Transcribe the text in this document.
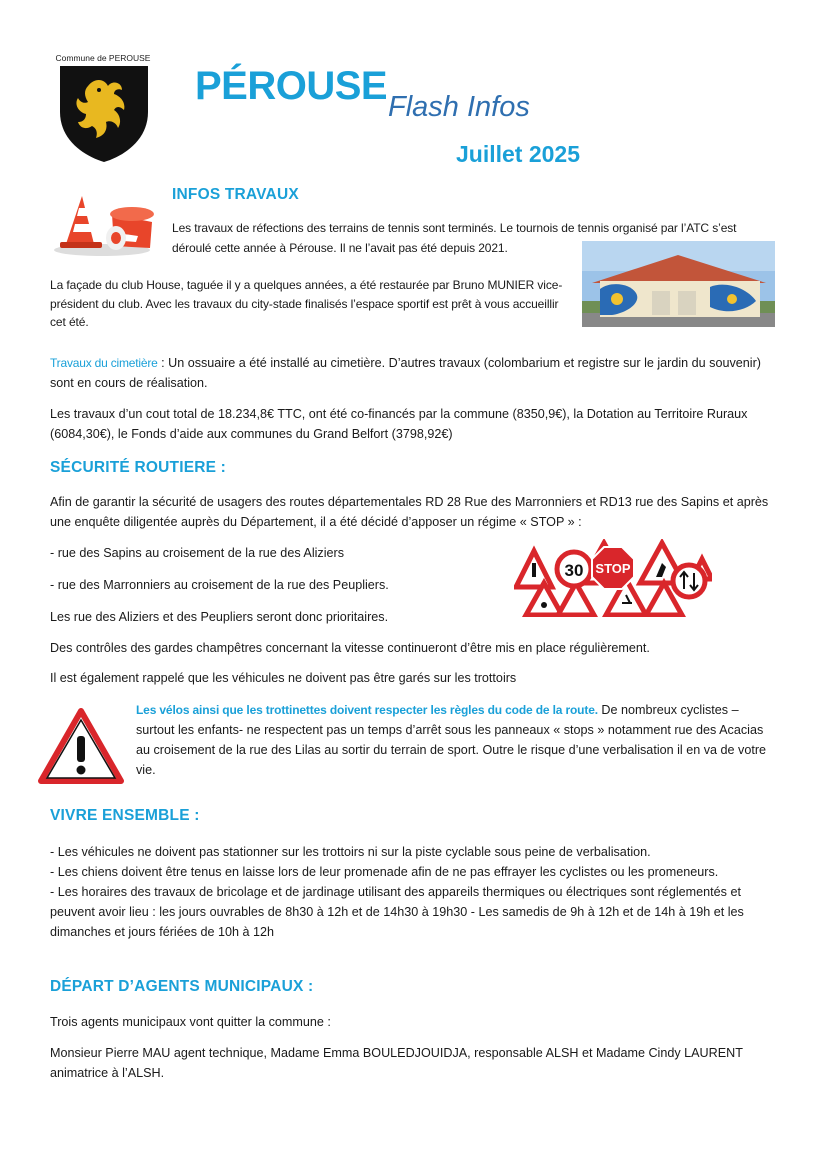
Commune de PEROUSE
PÉROUSE Flash Infos
Juillet 2025
INFOS TRAVAUX

Les travaux de réfections des terrains de tennis sont terminés. Le tournois de tennis organisé par l’ATC s’est déroulé cette année à Pérouse. Il ne l’avait pas été depuis 2021.

La façade du club House, taguée il y a quelques années, a été restaurée par Bruno MUNIER vice-président du club. Avec les travaux du city-stade finalisés l’espace sportif est prêt à vous accueillir cet été.

Travaux du cimetière : Un ossuaire a été installé au cimetière. D’autres travaux (colombarium et registre sur le jardin du souvenir) sont en cours de réalisation.

Les travaux d’un cout total de 18.234,8€ TTC, ont été co-financés par la commune (8350,9€), la Dotation au Territoire Ruraux (6084,30€), le Fonds d’aide aux communes du Grand Belfort (3798,92€)

SÉCURITÉ ROUTIERE :

Afin de garantir la sécurité de usagers des routes départementales RD 28 Rue des Marronniers et RD13 rue des Sapins et après une enquête diligentée auprès du Département, il a été décidé d’apposer un régime « STOP » :

- rue des Sapins au croisement de la rue des Aliziers

- rue des Marronniers au croisement de la rue des Peupliers.

Les rue des Aliziers et des Peupliers seront donc prioritaires.

Des contrôles des gardes champêtres concernant la vitesse continueront d’être mis en place régulièrement.

Il est également rappelé que les véhicules ne doivent pas être garés sur les trottoirs

30 STOP

Les vélos ainsi que les trottinettes doivent respecter les règles du code de la route. De nombreux cyclistes – surtout les enfants- ne respectent pas un temps d’arrêt sous les panneaux « stops » notamment rue des Acacias au croisement de la rue des Lilas au sortir du terrain de sport. Outre le risque d’une verbalisation il en va de votre vie.

VIVRE ENSEMBLE :

- Les véhicules ne doivent pas stationner sur les trottoirs ni sur la piste cyclable sous peine de verbalisation.

- Les chiens doivent être tenus en laisse lors de leur promenade afin de ne pas effrayer les cyclistes ou les promeneurs.

- Les horaires des travaux de bricolage et de jardinage utilisant des appareils thermiques ou électriques sont réglementés et peuvent avoir lieu : les jours ouvrables de 8h30 à 12h et de 14h30 à 19h30 - Les samedis de 9h à 12h et de 14h à 19h et les dimanches et jours fériées de 10h à 12h

DÉPART D’AGENTS MUNICIPAUX :

Trois agents municipaux vont quitter la commune :

Monsieur Pierre MAU agent technique, Madame Emma BOULEDJOUIDJA, responsable ALSH et Madame Cindy LAURENT animatrice à l’ALSH.
